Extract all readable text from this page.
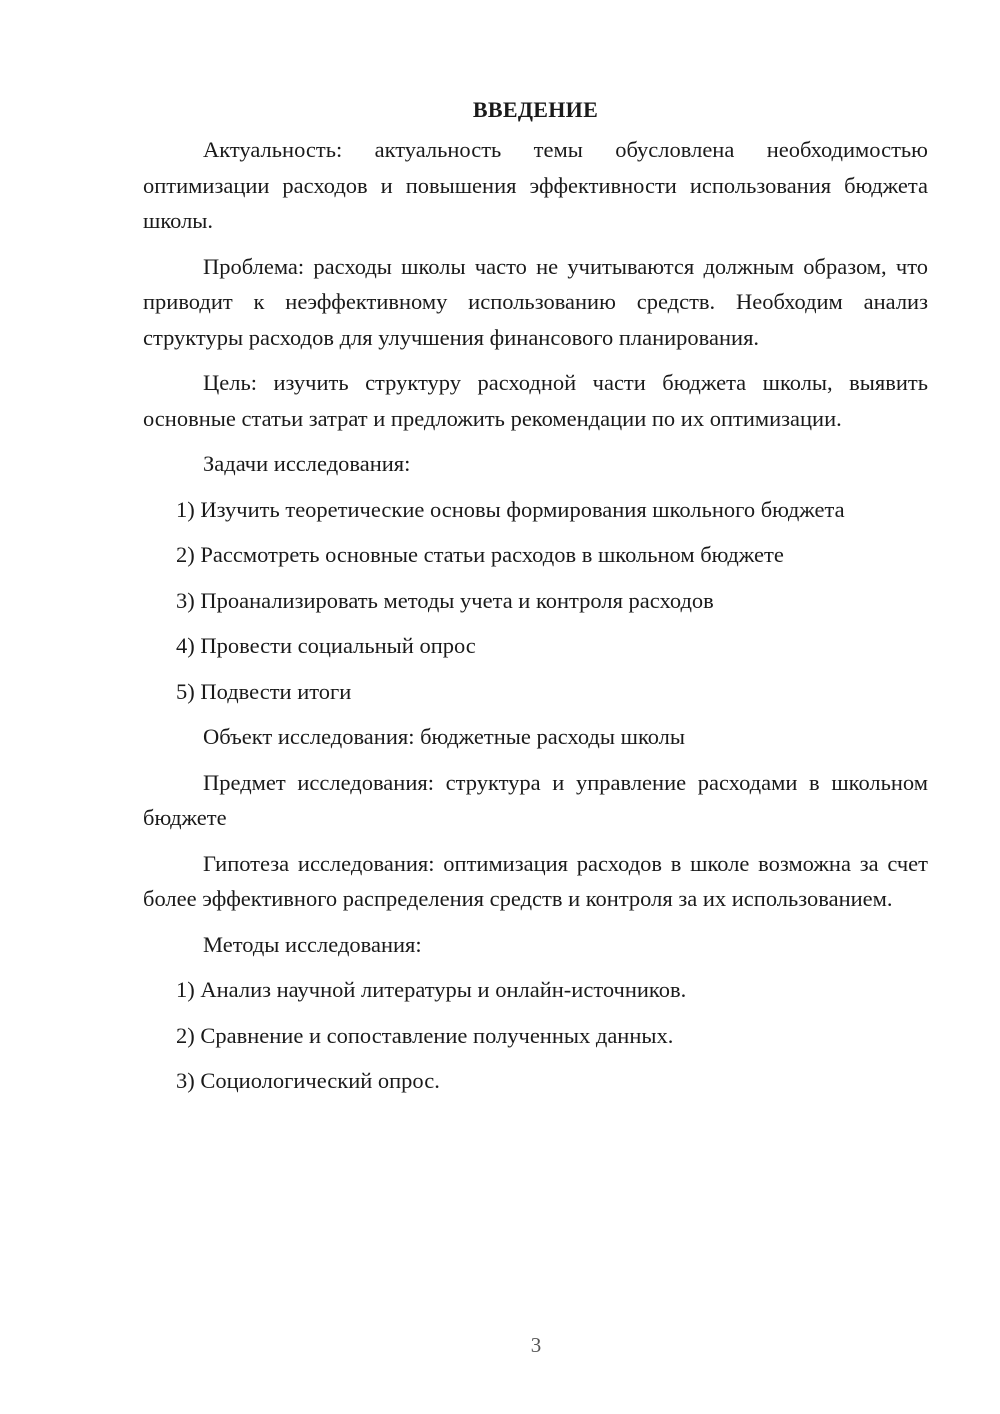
ВВЕДЕНИЕ

Актуальность: актуальность темы обусловлена необходимостью оптимизации расходов и повышения эффективности использования бюджета школы.

Проблема: расходы школы часто не учитываются должным образом, что приводит к неэффективному использованию средств. Необходим анализ структуры расходов для улучшения финансового планирования.

Цель: изучить структуру расходной части бюджета школы, выявить основные статьи затрат и предложить рекомендации по их оптимизации.

Задачи исследования:

1) Изучить теоретические основы формирования школьного бюджета
2) Рассмотреть основные статьи расходов в школьном бюджете
3) Проанализировать методы учета и контроля расходов
4) Провести социальный опрос
5) Подвести итоги

Объект исследования: бюджетные расходы школы

Предмет исследования: структура и управление расходами в школьном бюджете

Гипотеза исследования: оптимизация расходов в школе возможна за счет более эффективного распределения средств и контроля за их использованием.

Методы исследования:

1) Анализ научной литературы и онлайн-источников.
2) Сравнение и сопоставление полученных данных.
3) Социологический опрос.
3
